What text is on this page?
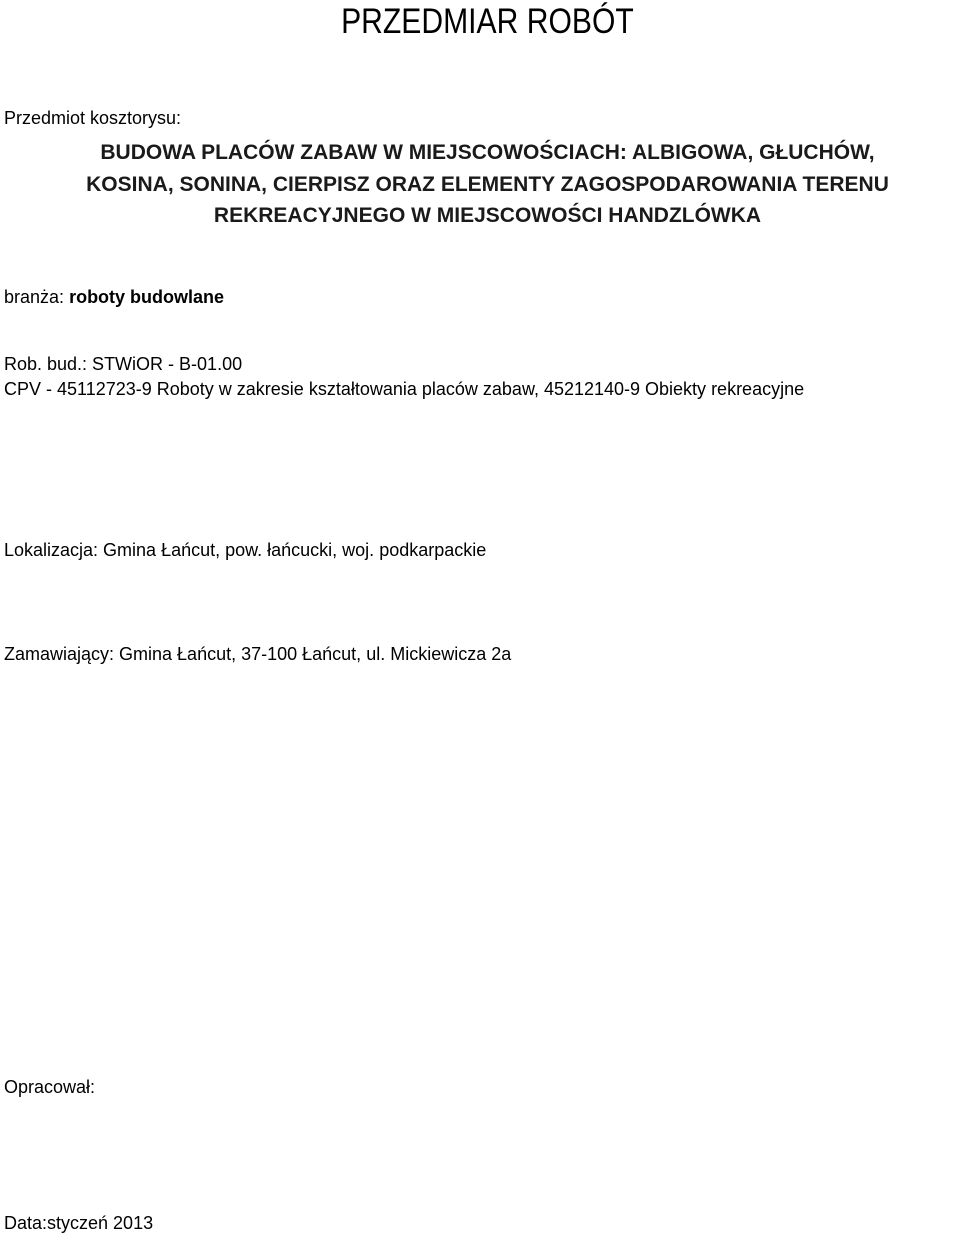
PRZEDMIAR ROBÓT
Przedmiot kosztorysu:
BUDOWA PLACÓW ZABAW W MIEJSCOWOŚCIACH: ALBIGOWA, GŁUCHÓW,
KOSINA, SONINA, CIERPISZ ORAZ ELEMENTY ZAGOSPODAROWANIA TERENU
REKREACYJNEGO W MIEJSCOWOŚCI HANDZLÓWKA
branża: roboty budowlane
Rob. bud.: STWiOR - B-01.00
CPV - 45112723-9 Roboty w zakresie kształtowania placów zabaw, 45212140-9 Obiekty rekreacyjne
Lokalizacja: Gmina Łańcut, pow. łańcucki, woj. podkarpackie
Zamawiający: Gmina Łańcut, 37-100 Łańcut, ul. Mickiewicza 2a
Opracował:
Data:styczeń 2013
